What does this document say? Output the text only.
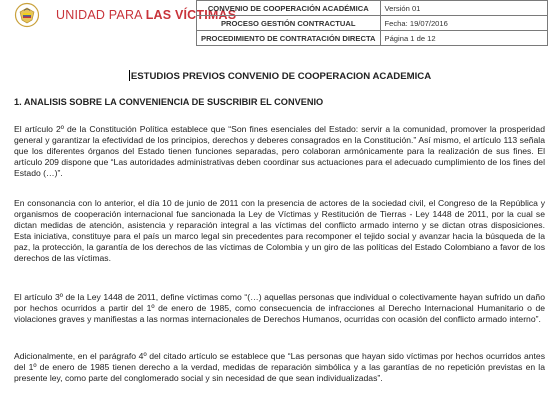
UNIDAD PARA LAS VÍCTIMAS
CONVENIO DE COOPERACIÓN ACADÉMICA	Versión 01
PROCESO GESTIÓN CONTRACTUAL	Fecha: 19/07/2016
PROCEDIMIENTO DE CONTRATACIÓN DIRECTA	Página 1 de 12
ESTUDIOS PREVIOS CONVENIO DE COOPERACION ACADEMICA
1. ANALISIS SOBRE LA CONVENIENCIA DE SUSCRIBIR EL CONVENIO

El artículo 2º de la Constitución Política establece que “Son fines esenciales del Estado: servir a la comunidad, promover la prosperidad general y garantizar la efectividad de los principios, derechos y deberes consagrados en la Constitución.” Así mismo, el artículo 113 señala que los diferentes órganos del Estado tienen funciones separadas, pero colaboran armónicamente para la realización de sus fines. El artículo 209 dispone que “Las autoridades administrativas deben coordinar sus actuaciones para el adecuado cumplimiento de los fines del Estado (…)”.

En consonancia con lo anterior, el día 10 de junio de 2011 con la presencia de actores de la sociedad civil, el Congreso de la República y organismos de cooperación internacional fue sancionada la Ley de Víctimas y Restitución de Tierras - Ley 1448 de 2011, por la cual se dictan medidas de atención, asistencia y reparación integral a las víctimas del conflicto armado interno y se dictan otras disposiciones. Esta iniciativa, constituye para el país un marco legal sin precedentes para recomponer el tejido social y avanzar hacia la búsqueda de la paz, la protección, la garantía de los derechos de las víctimas de Colombia y un giro de las políticas del Estado Colombiano a favor de los derechos de las víctimas.

El artículo 3º de la Ley 1448 de 2011, define víctimas como “(…) aquellas personas que individual o colectivamente hayan sufrido un daño por hechos ocurridos a partir del 1º de enero de 1985, como consecuencia de infracciones al Derecho Internacional Humanitario o de violaciones graves y manifiestas a las normas internacionales de Derechos Humanos, ocurridas con ocasión del conflicto armado interno”.

Adicionalmente, en el parágrafo 4º del citado artículo se establece que “Las personas que hayan sido víctimas por hechos ocurridos antes del 1º de enero de 1985 tienen derecho a la verdad, medidas de reparación simbólica y a las garantías de no repetición previstas en la presente ley, como parte del conglomerado social y sin necesidad de que sean individualizadas”.
